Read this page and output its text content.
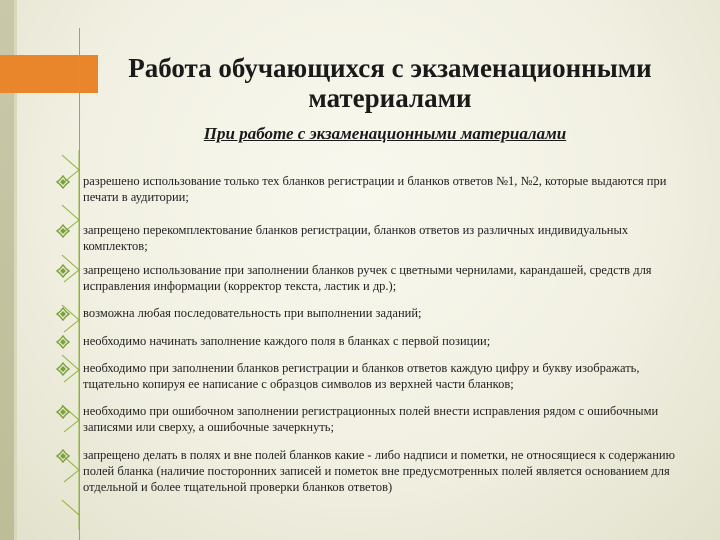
Работа обучающихся с экзаменационными материалами
При работе с экзаменационными материалами
разрешено использование только тех бланков регистрации и бланков ответов №1, №2, которые выдаются при печати в аудитории;
запрещено перекомплектование бланков регистрации, бланков ответов из различных индивидуальных комплектов;
запрещено использование при заполнении бланков ручек с цветными чернилами, карандашей, средств для исправления информации (корректор текста, ластик и др.);
возможна любая последовательность при выполнении заданий;
необходимо начинать заполнение каждого поля в бланках с первой позиции;
необходимо при заполнении бланков регистрации и бланков ответов каждую цифру и букву изображать, тщательно копируя ее написание с образцов символов из верхней части бланков;
необходимо при ошибочном заполнении регистрационных полей внести исправления рядом с ошибочными записями или сверху, а ошибочные зачеркнуть;
запрещено делать в полях и вне полей бланков какие - либо надписи и пометки, не относящиеся к содержанию полей бланка (наличие посторонних записей и пометок вне предусмотренных полей является основанием для отдельной и более тщательной проверки бланков ответов)
